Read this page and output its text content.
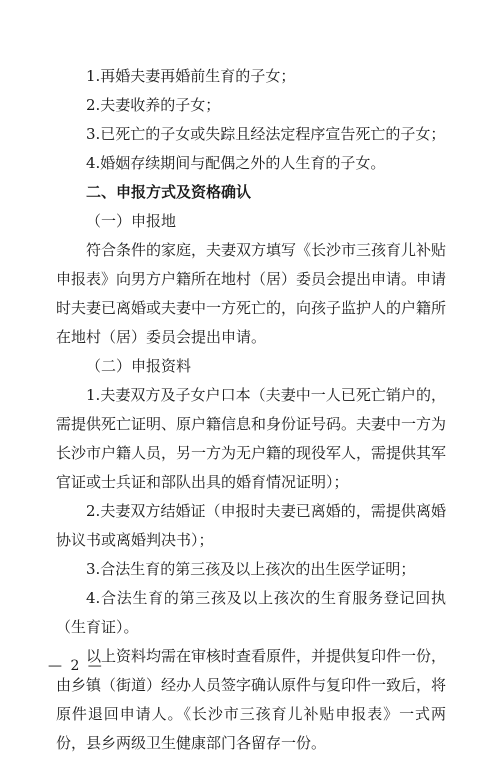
1.再婚夫妻再婚前生育的子女；

2.夫妻收养的子女；

3.已死亡的子女或失踪且经法定程序宣告死亡的子女；

4.婚姻存续期间与配偶之外的人生育的子女。

二、申报方式及资格确认

（一）申报地

符合条件的家庭，夫妻双方填写《长沙市三孩育儿补贴申报表》向男方户籍所在地村（居）委员会提出申请。申请时夫妻已离婚或夫妻中一方死亡的，向孩子监护人的户籍所在地村（居）委员会提出申请。

（二）申报资料

1.夫妻双方及子女户口本（夫妻中一人已死亡销户的，需提供死亡证明、原户籍信息和身份证号码。夫妻中一方为长沙市户籍人员，另一方为无户籍的现役军人，需提供其军官证或士兵证和部队出具的婚育情况证明）；

2.夫妻双方结婚证（申报时夫妻已离婚的，需提供离婚协议书或离婚判决书）；

3.合法生育的第三孩及以上孩次的出生医学证明；

4.合法生育的第三孩及以上孩次的生育服务登记回执（生育证）。

以上资料均需在审核时查看原件，并提供复印件一份，由乡镇（街道）经办人员签字确认原件与复印件一致后，将原件退回申请人。《长沙市三孩育儿补贴申报表》一式两份，县乡两级卫生健康部门各留存一份。

— 2 —
